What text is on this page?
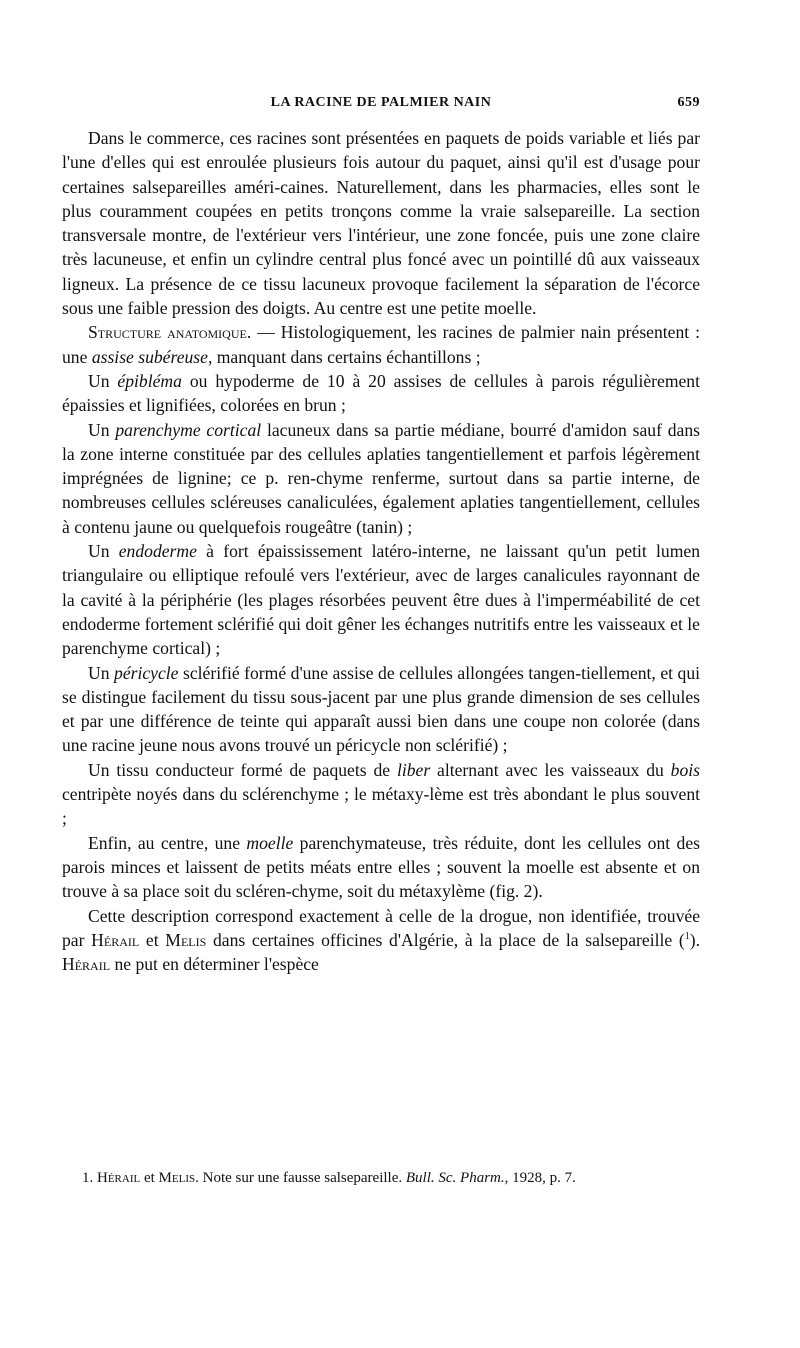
LA RACINE DE PALMIER NAIN	659

Dans le commerce, ces racines sont présentées en paquets de poids variable et liés par l'une d'elles qui est enroulée plusieurs fois autour du paquet, ainsi qu'il est d'usage pour certaines salsepareilles améri-caines. Naturellement, dans les pharmacies, elles sont le plus couramment coupées en petits tronçons comme la vraie salsepareille. La section transversale montre, de l'extérieur vers l'intérieur, une zone foncée, puis une zone claire très lacuneuse, et enfin un cylindre central plus foncé avec un pointillé dû aux vaisseaux ligneux. La présence de ce tissu lacuneux provoque facilement la séparation de l'écorce sous une faible pression des doigts. Au centre est une petite moelle.

Structure anatomique. — Histologiquement, les racines de palmier nain présentent : une assise subéreuse, manquant dans certains échantillons ;

Un épibléma ou hypoderme de 10 à 20 assises de cellules à parois régulièrement épaissies et lignifiées, colorées en brun ;

Un parenchyme cortical lacuneux dans sa partie médiane, bourré d'amidon sauf dans la zone interne constituée par des cellules aplaties tangentiellement et parfois légèrement imprégnées de lignine; ce p. ren-chyme renferme, surtout dans sa partie interne, de nombreuses cellules scléreuses canaliculées, également aplaties tangentiellement, cellules à contenu jaune ou quelquefois rougeâtre (tanin) ;

Un endoderme à fort épaississement latéro-interne, ne laissant qu'un petit lumen triangulaire ou elliptique refoulé vers l'extérieur, avec de larges canalicules rayonnant de la cavité à la périphérie (les plages résorbées peuvent être dues à l'imperméabilité de cet endoderme fortement sclérifié qui doit gêner les échanges nutritifs entre les vaisseaux et le parenchyme cortical) ;

Un péricycle sclérifié formé d'une assise de cellules allongées tangen-tiellement, et qui se distingue facilement du tissu sous-jacent par une plus grande dimension de ses cellules et par une différence de teinte qui apparaît aussi bien dans une coupe non colorée (dans une racine jeune nous avons trouvé un péricycle non sclérifié) ;

Un tissu conducteur formé de paquets de liber alternant avec les vaisseaux du bois centripète noyés dans du sclérenchyme ; le métaxy-lème est très abondant le plus souvent ;

Enfin, au centre, une moelle parenchymateuse, très réduite, dont les cellules ont des parois minces et laissent de petits méats entre elles ; souvent la moelle est absente et on trouve à sa place soit du scléren-chyme, soit du métaxylème (fig. 2).

Cette description correspond exactement à celle de la drogue, non identifiée, trouvée par Hérail et Melis dans certaines officines d'Algérie, à la place de la salsepareille ($^1$). Hérail ne put en déterminer l'espèce

1. Hérail et Melis. Note sur une fausse salsepareille. Bull. Sc. Pharm., 1928, p. 7.
